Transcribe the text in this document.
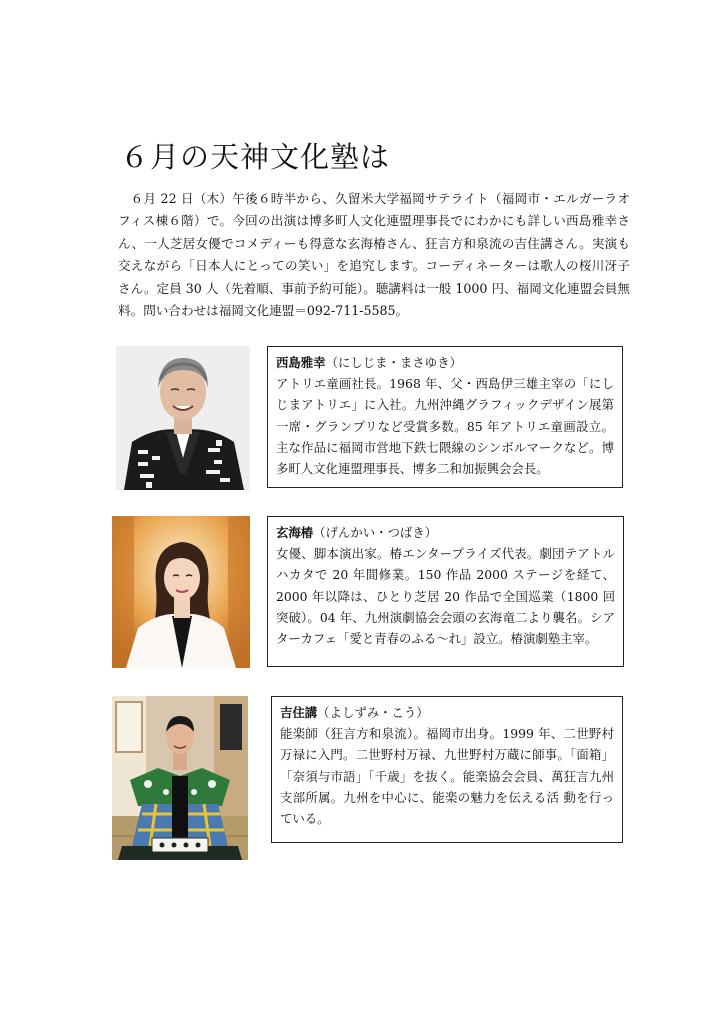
６月の天神文化塾は

６月 22 日（木）午後６時半から、久留米大学福岡サテライト（福岡市・エルガーラオフィス棟６階）で。今回の出演は博多町人文化連盟理事長でにわかにも詳しい西島雅幸さん、一人芝居女優でコメディーも得意な玄海椿さん、狂言方和泉流の吉住講さん。実演も交えながら「日本人にとっての笑い」を追究します。コーディネーターは歌人の桜川冴子さん。定員 30 人（先着順、事前予約可能）。聴講料は一般 1000 円、福岡文化連盟会員無料。問い合わせは福岡文化連盟＝092-711-5585。

西島雅幸（にしじま・まさゆき）

アトリエ童画社長。1968 年、父・西島伊三雄主宰の「にしじまアトリエ」に入社。九州沖縄グラフィックデザイン展第一席・グランプリなど受賞多数。85 年アトリエ童画設立。主な作品に福岡市営地下鉄七隈線のシンボルマークなど。博多町人文化連盟理事長、博多二和加振興会会長。

玄海椿（げんかい・つばき）

女優、脚本演出家。椿エンタープライズ代表。劇団テアトルハカタで 20 年間修業。150 作品 2000 ステージを経て、2000 年以降は、ひとり芝居 20 作品で全国巡業（1800 回突破）。04 年、九州演劇協会会頭の玄海竜二より襲名。シアターカフェ「愛と青春のふる～れ」設立。椿演劇塾主宰。

吉住講（よしずみ・こう）

能楽師（狂言方和泉流）。福岡市出身。1999 年、二世野村万禄に入門。二世野村万禄、九世野村万蔵に師事。「面箱」「奈須与市語」「千歳」を抜く。能楽協会会員、萬狂言九州支部所属。九州を中心に、能楽の魅力を伝える活 動を行っている。
